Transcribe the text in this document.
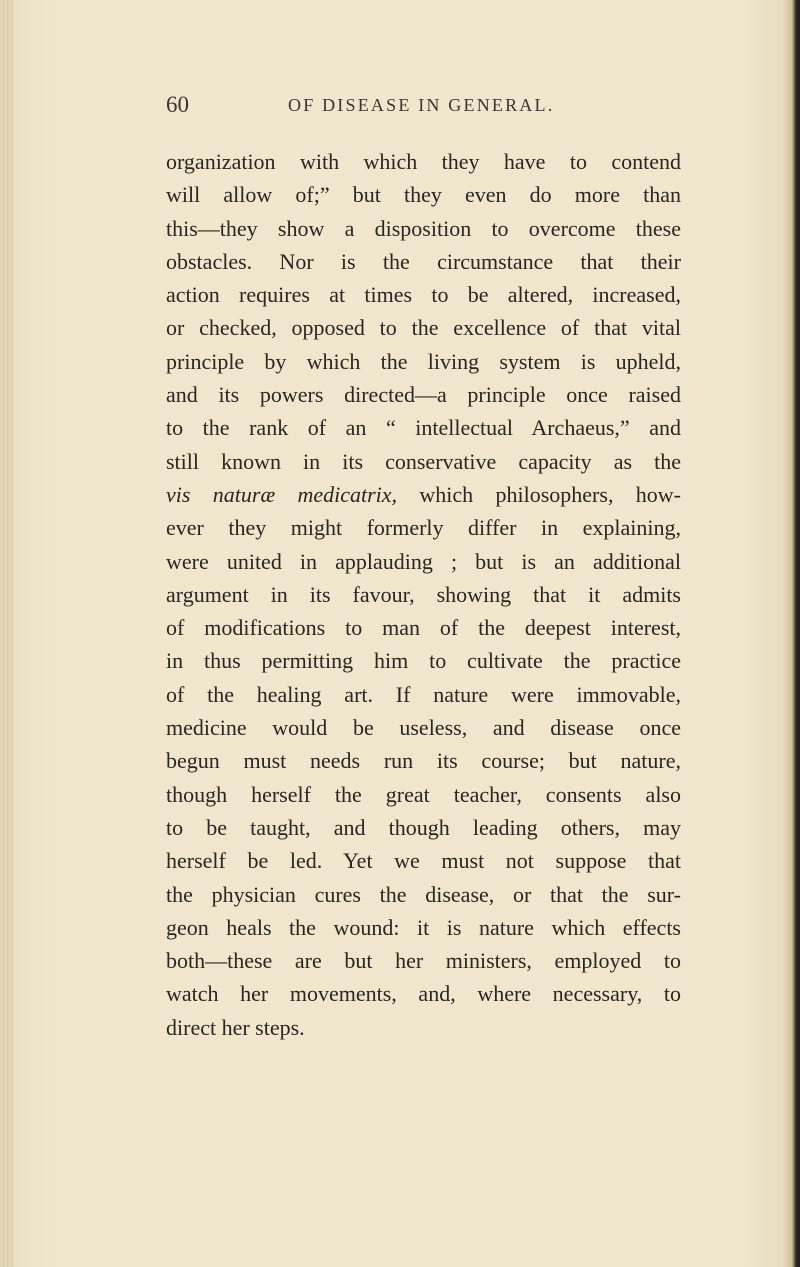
60	OF DISEASE IN GENERAL.
organization with which they have to contend
will allow of;” but they even do more than
this—they show a disposition to overcome these
obstacles. Nor is the circumstance that their
action requires at times to be altered, increased,
or checked, opposed to the excellence of that vital
principle by which the living system is upheld,
and its powers directed—a principle once raised
to the rank of an “ intellectual Archaeus,” and
still known in its conservative capacity as the
vis naturæ medicatrix, which philosophers, how-
ever they might formerly differ in explaining,
were united in applauding ; but is an additional
argument in its favour, showing that it admits
of modifications to man of the deepest interest,
in thus permitting him to cultivate the practice
of the healing art. If nature were immovable,
medicine would be useless, and disease once
begun must needs run its course; but nature,
though herself the great teacher, consents also
to be taught, and though leading others, may
herself be led. Yet we must not suppose that
the physician cures the disease, or that the sur-
geon heals the wound: it is nature which effects
both—these are but her ministers, employed to
watch her movements, and, where necessary, to
direct her steps.
